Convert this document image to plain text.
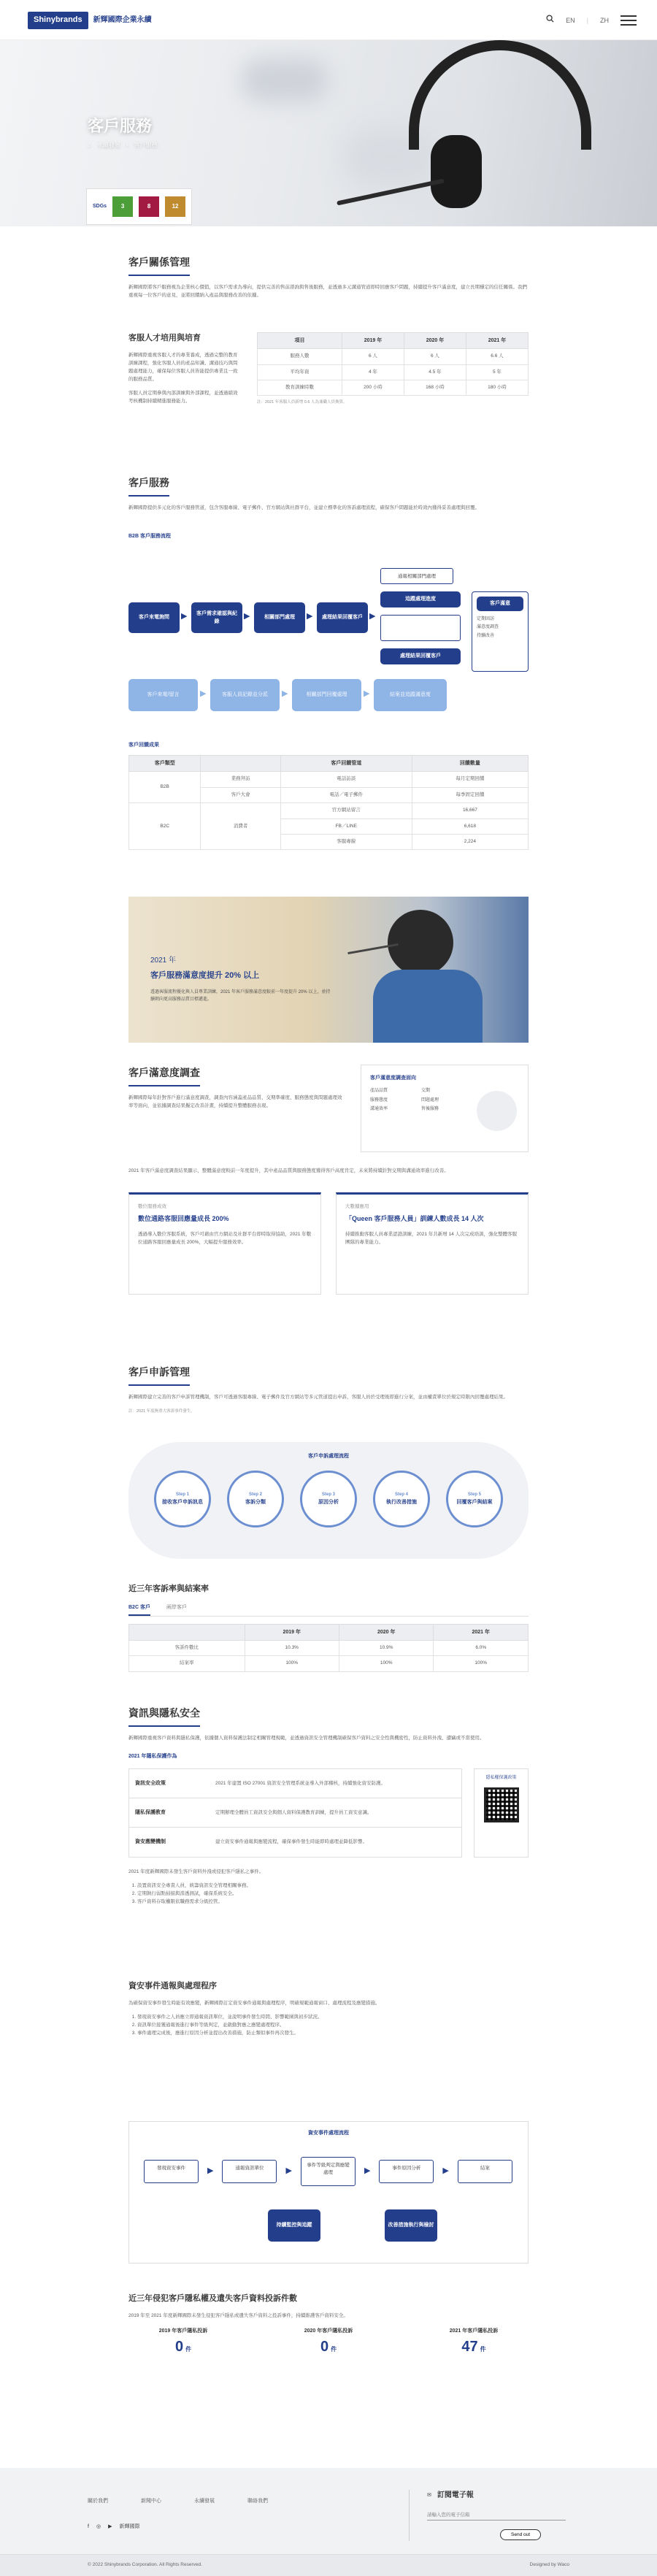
Shinybrands	新輝國際企業永續	EN | ZH
客戶服務
⌂ 永續發展 › 客戶服務
SDGs	3	8	12
客戶關係管理

新輝國際將客戶服務視為企業核心價值，以客戶需求為導向，提供完善的售前諮詢與售後服務，並透過多元溝通管道即時回應客戶問題，持續提升客戶滿意度，建立長期穩定的信任關係。我們重視每一位客戶的意見，並將回饋納入產品與服務改善的依據。

客服人才培用與培育

新輝國際重視客服人才的專業養成，透過完整的教育訓練課程，強化客服人員的產品知識、溝通技巧與問題處理能力，確保每位客服人員皆能提供專業且一致的服務品質。

客服人員定期參與內部訓練與外部課程，並透過績效考核機制持續精進服務能力。

項目	2019 年	2020 年	2021 年
服務人數	6 人	6 人	6.6 人
平均年資	4 年	4.5 年	5 年
教育訓練時數	200 小時	168 小時	180 小時

註：2021 年客服人員新增 0.6 人為兼職人員換算。

客戶服務

新輝國際提供多元化的客戶服務管道，包含客服專線、電子郵件、官方網站與社群平台，並建立標準化的客訴處理流程，確保客戶問題能於時效內獲得妥善處理與回覆。

B2B 客戶服務流程
客戶來電詢問	▶	客戶需求確認與紀錄
▶	相關部門處理	▶	處理結果回覆客戶 ▶
通報相關部門處理
追蹤處理進度
處理結果回覆客戶
客戶滿意
定期回訪
滿意度調查
持續改善
客戶來電/留言	▶	客服人員記錄並分派	▶	相關部門回覆處理	▶	結案並追蹤滿意度
客戶回饋成果
客戶類型		客戶回饋管道	回饋數量
B2B	業務拜訪	電話訪談	每月定期回饋
	客戶大會	電話／電子郵件	每季固定回饋
B2C	消費者	官方網站留言	16,667
		FB／LINE	6,618
		客服專線	2,224
2021 年
客戶服務滿意度提升 20% 以上

透過客服流程優化與人員專業訓練，2021 年客戶服務滿意度較前一年度提升 20% 以上，並持續朝向更高服務品質目標邁進。

客戶滿意度調查

新輝國際每年針對客戶進行滿意度調查，調查內容涵蓋產品品質、交期準確度、服務態度與問題處理效率等面向，並依據調查結果擬定改善計畫，持續提升整體服務表現。

客戶滿意度調查面向
產品品質	交期
服務態度	問題處理
溝通效率	售後服務

2021 年客戶滿意度調查結果顯示，整體滿意度較前一年度提升，其中產品品質與服務態度獲得客戶高度肯定，未來將持續針對交期與溝通效率進行改善。

數位服務成效
數位通路客服回應量成長 200%

透過導入數位客服系統，客戶可藉由官方網站及社群平台即時取得協助，2021 年數位通路客服回應量成長 200%，大幅提升服務效率。

大數據應用
「Queen 客戶服務人員」訓練人數成長 14 人次

持續推動客服人員專業認證訓練，2021 年共新增 14 人次完成培訓，強化整體客服團隊的專業能力。

客戶申訴管理

新輝國際建立完善的客戶申訴管理機制，客戶可透過客服專線、電子郵件及官方網站等多元管道提出申訴，客服人員於受理後即進行分案，並由權責單位於規定時限內回覆處理結果。

註：2021 年度無重大客訴事件發生。

客戶申訴處理流程
Step 1
接收客戶申訴訊息
Step 2
客訴分類
Step 3
原因分析
Step 4
執行改善措施
Step 5
回覆客戶與結案
近三年客訴率與結案率
B2C 客戶	兩岸客戶
	2019 年	2020 年	2021 年
客訴件數比	10.3%	10.9%	6.0%
結案率	100%	100%	100%
資訊與隱私安全

新輝國際重視客戶資料與隱私保護，依據個人資料保護法制定相關管理規範，並透過資訊安全管理機制確保客戶資料之安全性與機密性，防止資料外洩、遭竊或不當使用。

2021 年隱私保護作為
資訊安全政策	2021 年建置 ISO 27001 資訊安全管理系統並導入外部稽核，持續強化資安防護。
隱私保護教育	定期辦理全體員工資訊安全與個人資料保護教育訓練，提升員工資安意識。
資安應變機制	建立資安事件通報與應變流程，確保事件發生時能即時處理並降低影響。
隱私權保護政策

2021 年度新輝國際未發生客戶資料外洩或侵犯客戶隱私之事件。

1. 設置資訊安全專責人員，統籌資訊安全管理相關事務。
2. 定期執行弱點掃描與滲透測試，確保系統安全。
3. 客戶資料存取權限依職務需求分級控管。
資安事件通報與處理程序

為確保資安事件發生時能有效應變，新輝國際訂定資安事件通報與處理程序，明確規範通報窗口、處理流程及應變措施。

1. 發現資安事件之人員應立即通報資訊單位，並說明事件發生時間、影響範圍與初步狀況。
2. 資訊單位接獲通報後進行事件等級判定，並啟動對應之應變處理程序。
3. 事件處理完成後，應進行原因分析並提出改善措施，防止類似事件再次發生。
資安事件處理流程
發現資安事件	▶	通報資訊單位	▶
事件等級判定與應變處理	▶	事件原因分析	▶	結案
持續監控與追蹤	改善措施執行與檢討
近三年侵犯客戶隱私權及遺失客戶資料投訴件數

2019 年至 2021 年度新輝國際未發生侵犯客戶隱私或遺失客戶資料之投訴事件，持續維護客戶資料安全。

2019 年客戶隱私投訴
0 件
2020 年客戶隱私投訴
0 件
2021 年客戶隱私投訴
47 件
關於我們	新聞中心	永續發展	聯絡我們
f ◎ ▶ 新輝國際
✉ 訂閱電子報
請輸入您的電子信箱 Send out
© 2022 Shinybrands Corporation. All Rights Reserved.	Designed by Waco
